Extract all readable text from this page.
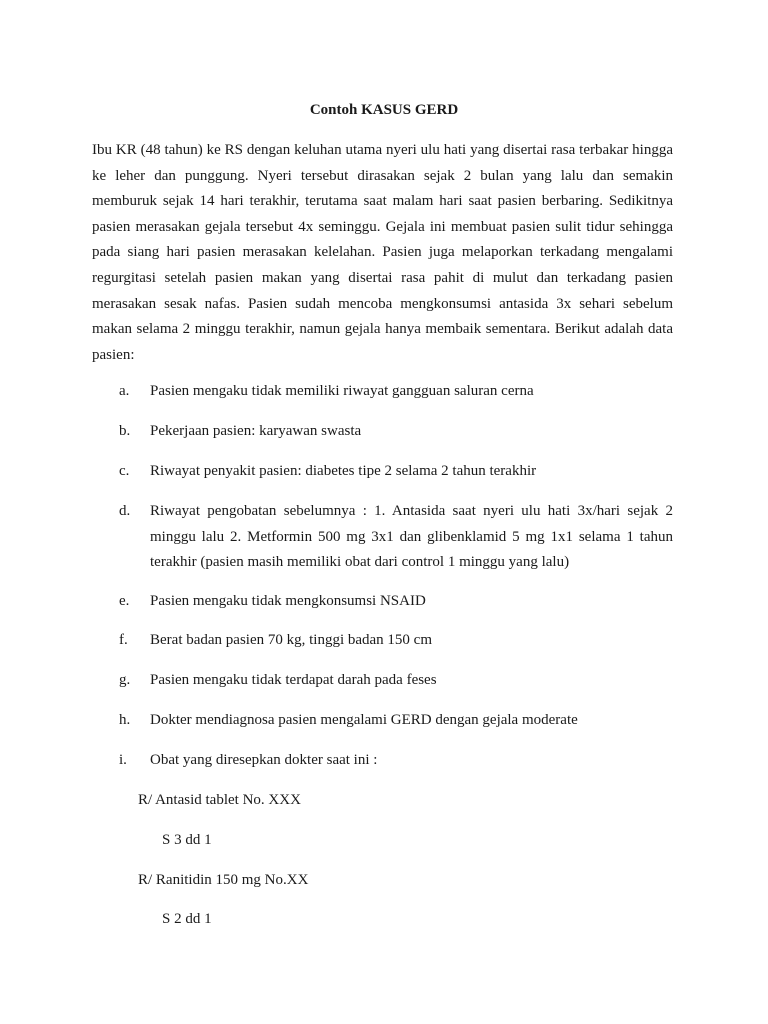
Contoh KASUS GERD

Ibu KR (48 tahun) ke RS dengan keluhan utama nyeri ulu hati yang disertai rasa terbakar hingga ke leher dan punggung. Nyeri tersebut dirasakan sejak 2 bulan yang lalu dan semakin memburuk sejak 14 hari terakhir, terutama saat malam hari saat pasien berbaring. Sedikitnya pasien merasakan gejala tersebut 4x seminggu. Gejala ini membuat pasien sulit tidur sehingga pada siang hari pasien merasakan kelelahan. Pasien juga melaporkan terkadang mengalami regurgitasi setelah pasien makan yang disertai rasa pahit di mulut dan terkadang pasien merasakan sesak nafas. Pasien sudah mencoba mengkonsumsi antasida 3x sehari sebelum makan selama 2 minggu terakhir, namun gejala hanya membaik sementara. Berikut adalah data pasien:

a. Pasien mengaku tidak memiliki riwayat gangguan saluran cerna
b. Pekerjaan pasien: karyawan swasta
c. Riwayat penyakit pasien: diabetes tipe 2 selama 2 tahun terakhir
d. Riwayat pengobatan sebelumnya : 1. Antasida saat nyeri ulu hati 3x/hari sejak 2 minggu lalu 2. Metformin 500 mg 3x1 dan glibenklamid 5 mg 1x1 selama 1 tahun terakhir (pasien masih memiliki obat dari control 1 minggu yang lalu)
e. Pasien mengaku tidak mengkonsumsi NSAID
f. Berat badan pasien 70 kg, tinggi badan 150 cm
g. Pasien mengaku tidak terdapat darah pada feses
h. Dokter mendiagnosa pasien mengalami GERD dengan gejala moderate
i. Obat yang diresepkan dokter saat ini :
R/ Antasid tablet No. XXX
S 3 dd 1
R/ Ranitidin 150 mg No.XX
S 2 dd 1
